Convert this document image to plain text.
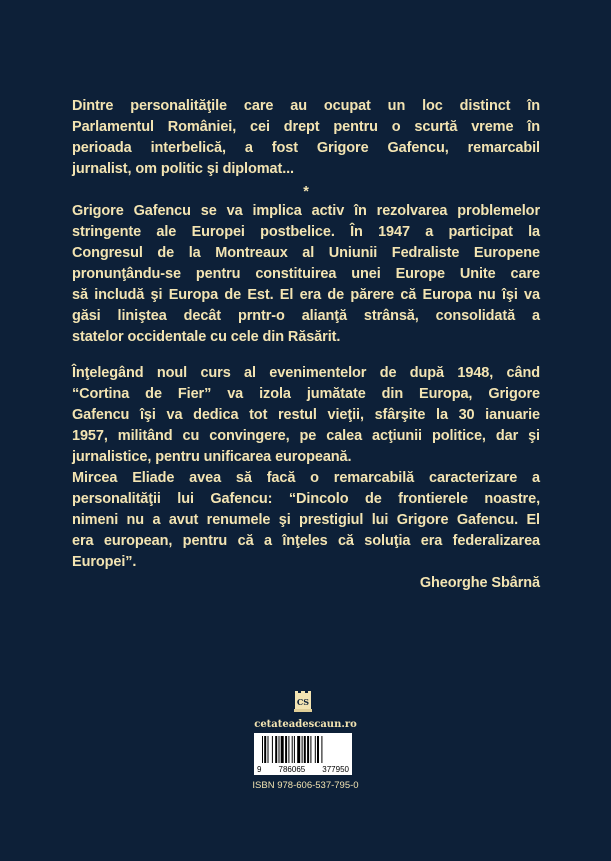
Dintre personalităţile care au ocupat un loc distinct în
Parlamentul României, cei drept pentru o scurtă vreme în
perioada interbelică, a fost Grigore Gafencu, remarcabil
jurnalist, om politic şi diplomat...
*
Grigore Gafencu se va implica activ în rezolvarea problemelor
stringente ale Europei postbelice. În 1947 a participat la
Congresul de la Montreaux al Uniunii Fedraliste Europene
pronunţându-se pentru constituirea unei Europe Unite care
să includă şi Europa de Est. El era de părere că Europa nu îşi va
găsi liniştea decât prntr-o alianţă strânsă, consolidată a
statelor occidentale cu cele din Răsărit.
Înţelegând noul curs al evenimentelor de după 1948, când
“Cortina de Fier” va izola jumătate din Europa, Grigore
Gafencu îşi va dedica tot restul vieţii, sfârşite la 30 ianuarie
1957, militând cu convingere, pe calea acţiunii politice, dar şi
jurnalistice, pentru unificarea europeană.
Mircea Eliade avea să facă o remarcabilă caracterizare a
personalităţii lui Gafencu: “Dincolo de frontierele noastre,
nimeni nu a avut renumele şi prestigiul lui Grigore Gafencu. El
era european, pentru că a înţeles că soluţia era federalizarea
Europei”.
Gheorghe Sbârnă
CS
cetateadescaun.ro
9 786065 377950
ISBN 978-606-537-795-0
